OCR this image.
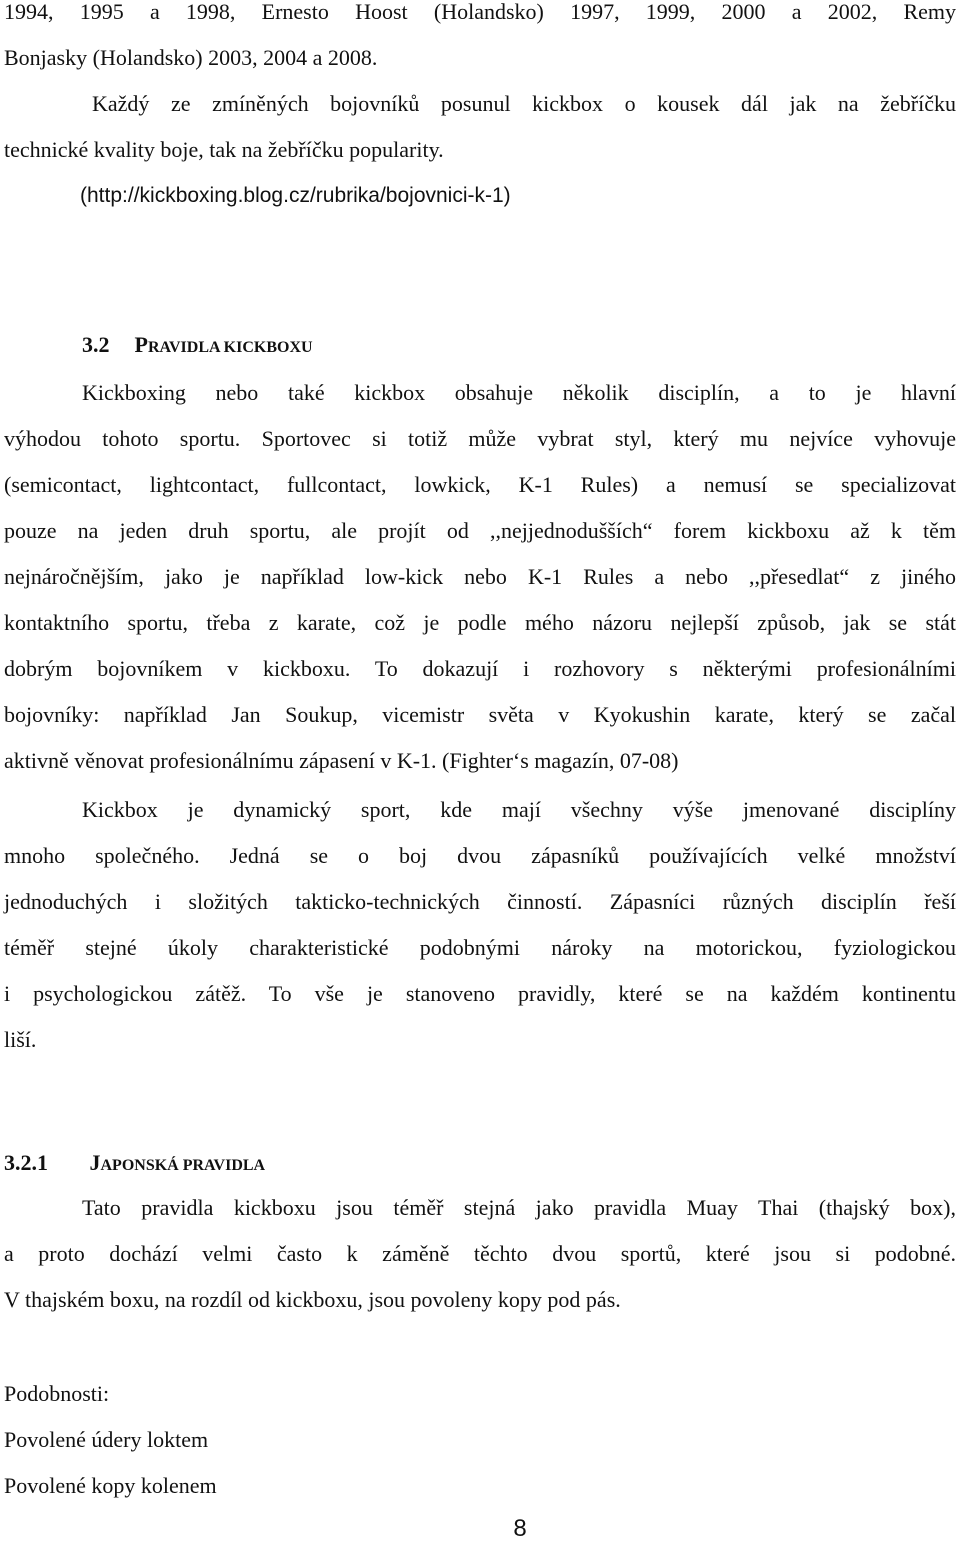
1994, 1995 a 1998, Ernesto Hoost (Holandsko) 1997, 1999, 2000 a 2002, Remy
Bonjasky (Holandsko) 2003, 2004 a 2008.
Každý ze zmíněných bojovníků posunul kickbox o kousek dál jak na žebříčku
technické kvality boje, tak na žebříčku popularity.
(http://kickboxing.blog.cz/rubrika/bojovnici-k-1)
3.2 PRAVIDLA KICKBOXU
Kickboxing nebo také kickbox obsahuje několik disciplín, a to je hlavní
výhodou tohoto sportu. Sportovec si totiž může vybrat styl, který mu nejvíce vyhovuje
(semicontact, lightcontact, fullcontact, lowkick, K-1 Rules) a nemusí se specializovat
pouze na jeden druh sportu, ale projít od ,,nejjednodušších“ forem kickboxu až k těm
nejnáročnějším, jako je například low-kick nebo K-1 Rules a nebo ,,přesedlat“ z jiného
kontaktního sportu, třeba z karate, což je podle mého názoru nejlepší způsob, jak se stát
dobrým bojovníkem v kickboxu. To dokazují i rozhovory s některými profesionálními
bojovníky: například Jan Soukup, vicemistr světa v Kyokushin karate, který se začal
aktivně věnovat profesionálnímu zápasení v K-1. (Fighter‘s magazín, 07-08)
Kickbox je dynamický sport, kde mají všechny výše jmenované disciplíny
mnoho společného. Jedná se o boj dvou zápasníků používajících velké množství
jednoduchých i složitých takticko-technických činností. Zápasníci různých disciplín řeší
téměř stejné úkoly charakteristické podobnými nároky na motorickou, fyziologickou
i psychologickou zátěž. To vše je stanoveno pravidly, které se na každém kontinentu
liší.
3.2.1 JAPONSKÁ PRAVIDLA
Tato pravidla kickboxu jsou téměř stejná jako pravidla Muay Thai (thajský box),
a proto dochází velmi často k záměně těchto dvou sportů, které jsou si podobné.
V thajském boxu, na rozdíl od kickboxu, jsou povoleny kopy pod pás.
Podobnosti:
Povolené údery loktem
Povolené kopy kolenem
8
